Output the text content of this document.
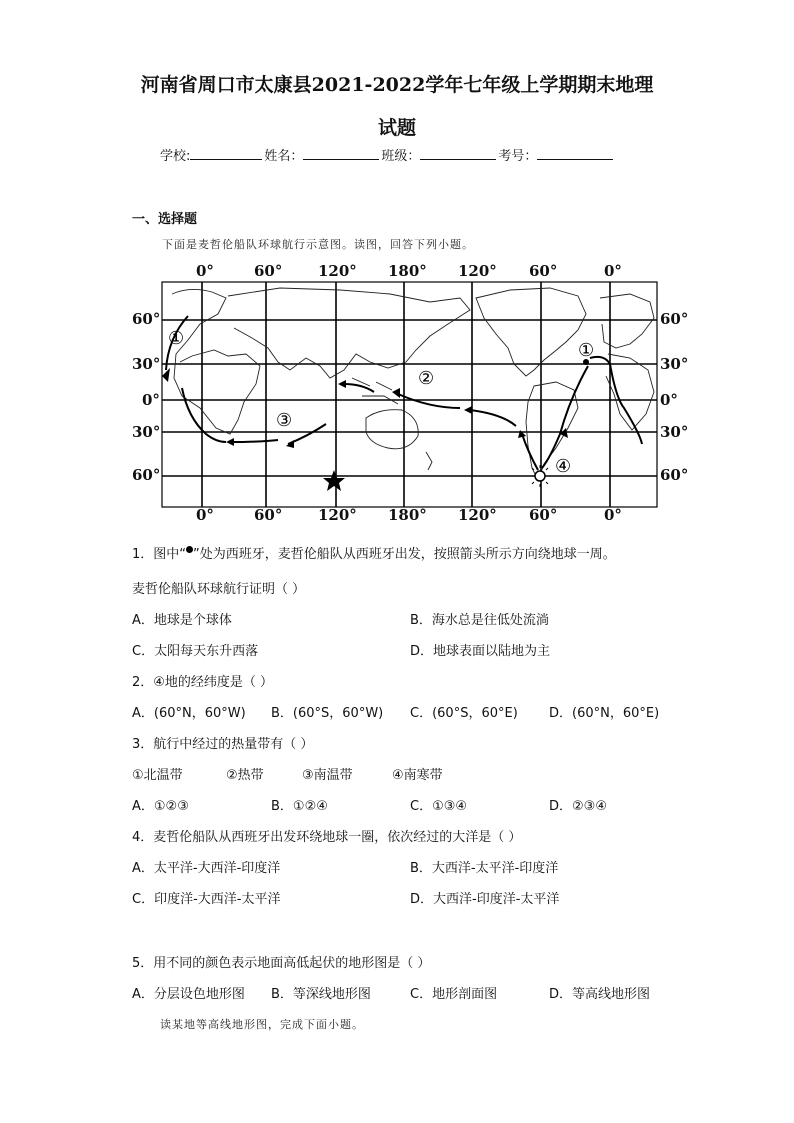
河南省周口市太康县2021-2022学年七年级上学期期末地理
试题
学校:	姓名：	班级：	考号：
一、选择题
下面是麦哲伦船队环球航行示意图。读图，回答下列小题。
0°	60° 120° 180° 120° 60°	0°
60°
30°
0°
30°
60°
60°
30°
0°
30°
60°
0°	60° 120° 180° 120° 60°	0°
①
②
③
①
④
1．图中“ ”处为西班牙，麦哲伦船队从西班牙出发，按照箭头所示方向绕地球一周。
麦哲伦船队环球航行证明（ ）
A．地球是个球体	B．海水总是往低处流淌
C．太阳每天东升西落	D．地球表面以陆地为主
2．④地的经纬度是（ ）
A．(60°N，60°W) B．(60°S，60°W) C．(60°S，60°E) D．(60°N，60°E)
3．航行中经过的热量带有（ ）
①北温带	②热带	③南温带	④南寒带
A．①②③	B．①②④	C．①③④	D．②③④
4．麦哲伦船队从西班牙出发环绕地球一圈，依次经过的大洋是（ ）
A．太平洋-大西洋-印度洋	B．大西洋-太平洋-印度洋
C．印度洋-大西洋-太平洋	D．大西洋-印度洋-太平洋
5．用不同的颜色表示地面高低起伏的地形图是（ ）
A．分层设色地形图 B．等深线地形图	C．地形剖面图	D．等高线地形图
读某地等高线地形图，完成下面小题。
